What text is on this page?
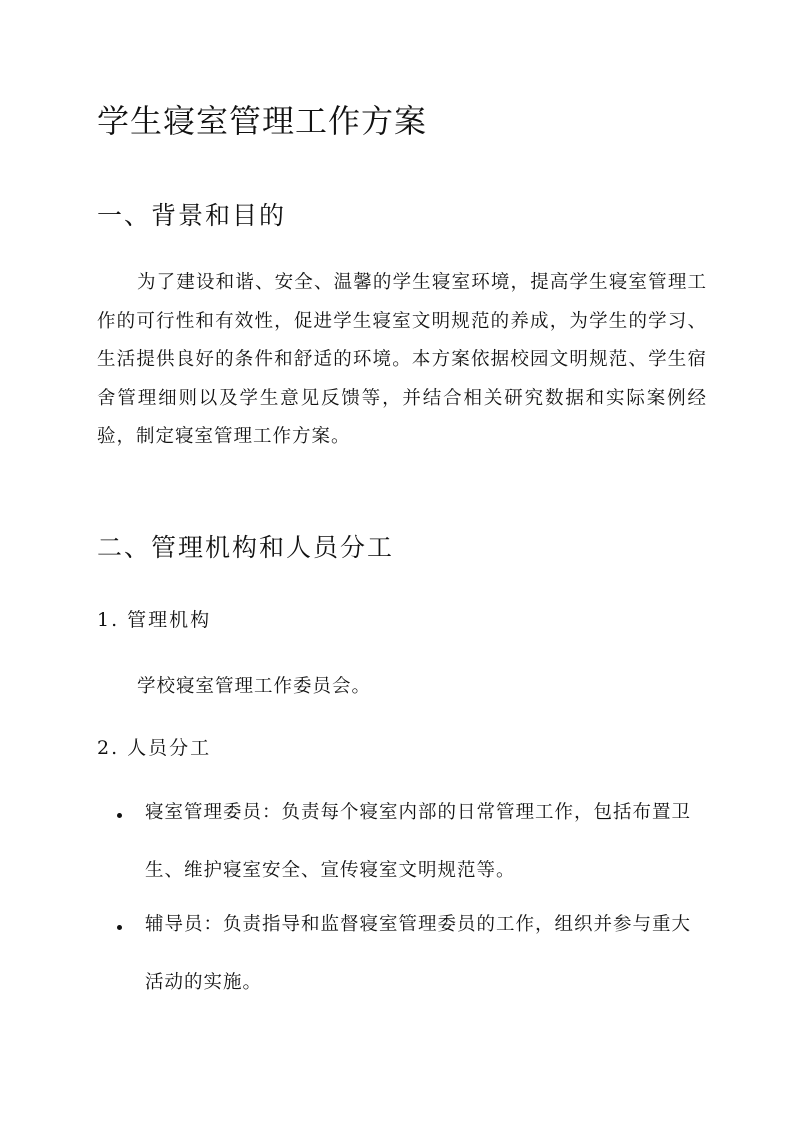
学生寝室管理工作方案
一、背景和目的

为了建设和谐、安全、温馨的学生寝室环境，提高学生寝室管理工作的可行性和有效性，促进学生寝室文明规范的养成，为学生的学习、生活提供良好的条件和舒适的环境。本方案依据校园文明规范、学生宿舍管理细则以及学生意见反馈等，并结合相关研究数据和实际案例经验，制定寝室管理工作方案。

二、管理机构和人员分工
1. 管理机构

学校寝室管理工作委员会。

2. 人员分工

寝室管理委员：负责每个寝室内部的日常管理工作，包括布置卫生、维护寝室安全、宣传寝室文明规范等。

辅导员：负责指导和监督寝室管理委员的工作，组织并参与重大活动的实施。
